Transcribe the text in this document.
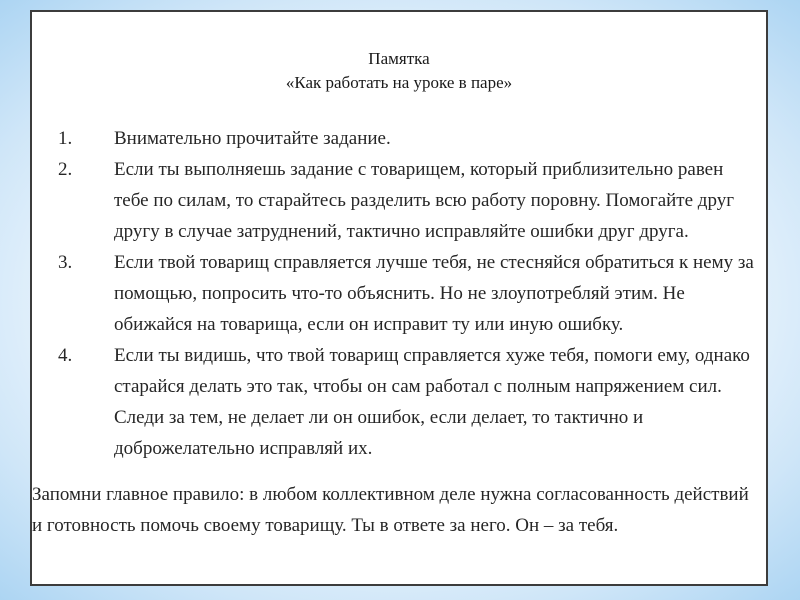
Памятка
«Как работать на уроке в паре»
1. Внимательно прочитайте задание.
2. Если ты выполняешь задание с товарищем, который приблизительно равен тебе по силам, то старайтесь разделить всю работу поровну. Помогайте друг другу в случае затруднений, тактично исправляйте ошибки друг друга.
3. Если твой товарищ справляется лучше тебя, не стесняйся обратиться к нему за помощью, попросить что-то объяснить. Но не злоупотребляй этим. Не обижайся на товарища, если он исправит ту или иную ошибку.
4. Если ты видишь, что твой товарищ справляется хуже тебя, помоги ему, однако старайся делать это так, чтобы он сам работал с полным напряжением сил. Следи за тем, не делает ли он ошибок, если делает, то тактично и доброжелательно исправляй их.
Запомни главное правило: в любом коллективном деле нужна согласованность действий и готовность помочь своему товарищу. Ты в ответе за него. Он – за тебя.
